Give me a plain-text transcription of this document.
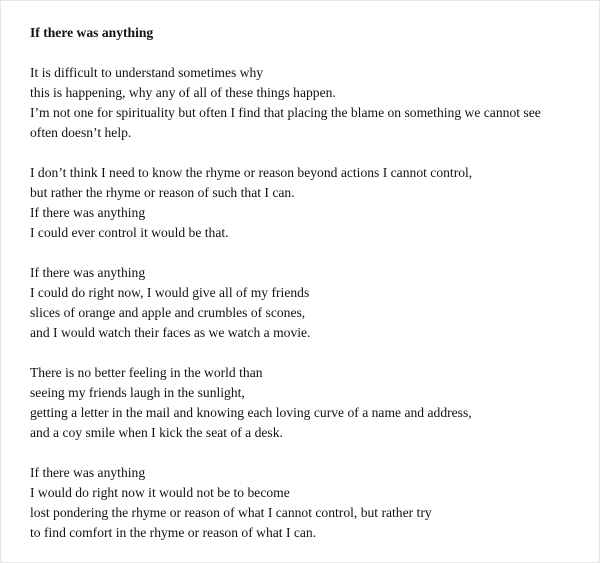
If there was anything
It is difficult to understand sometimes why
this is happening, why any of all of these things happen.
I’m not one for spirituality but often I find that placing the blame on something we cannot see
often doesn’t help.
I don’t think I need to know the rhyme or reason beyond actions I cannot control,
but rather the rhyme or reason of such that I can.
If there was anything
I could ever control it would be that.
If there was anything
I could do right now, I would give all of my friends
slices of orange and apple and crumbles of scones,
and I would watch their faces as we watch a movie.
There is no better feeling in the world than
seeing my friends laugh in the sunlight,
getting a letter in the mail and knowing each loving curve of a name and address,
and a coy smile when I kick the seat of a desk.
If there was anything
I would do right now it would not be to become
lost pondering the rhyme or reason of what I cannot control, but rather try
to find comfort in the rhyme or reason of what I can.
